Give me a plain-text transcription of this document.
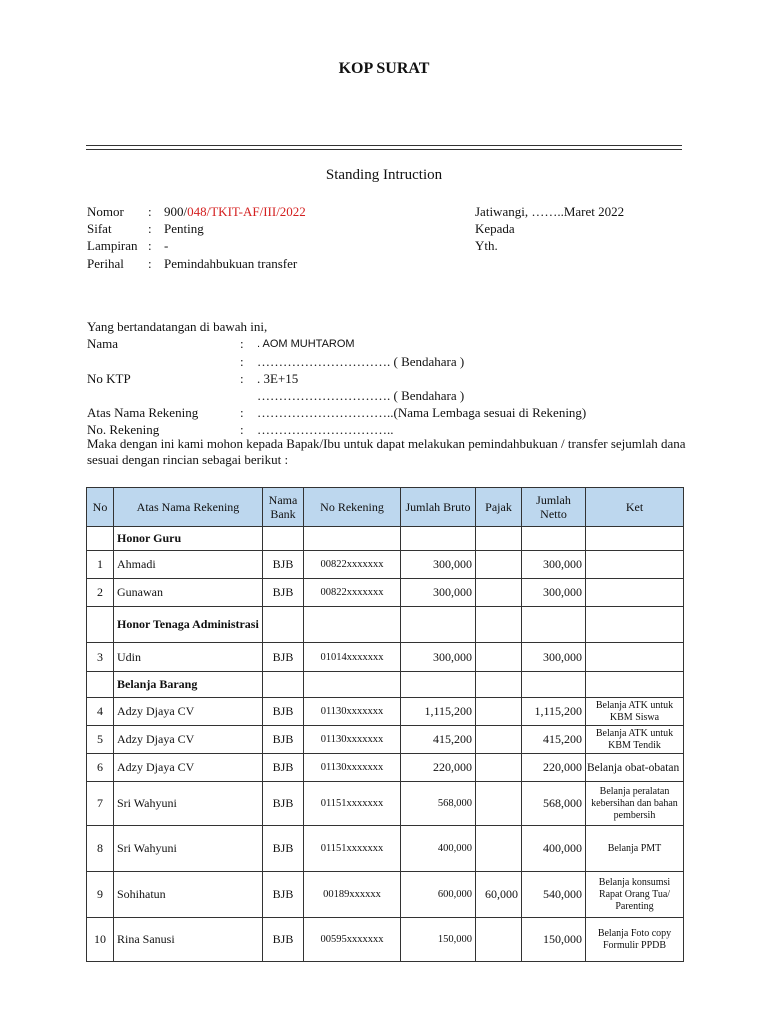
KOP SURAT
Standing Intruction
Nomor : 900/048/TKIT-AF/III/2022
Sifat	: Penting
Lampiran : -
Perihal : Pemindahbukuan transfer
Jatiwangi, ……..Maret 2022
Kepada
Yth.
Yang bertandatangan di bawah ini,
Nama	: . AOM MUHTAROM
: …………………………. ( Bendahara )
No KTP	: . 3E+15
…………………………. ( Bendahara )
Atas Nama Rekening	: …………………………..(Nama Lembaga sesuai di Rekening)
No. Rekening	: …………………………..
Maka dengan ini kami mohon kepada Bapak/Ibu untuk dapat melakukan pemindahbukuan / transfer sejumlah dana
sesuai dengan rincian sebagai berikut :
No	Atas Nama Rekening	Nama Bank	No Rekening	Jumlah Bruto	Pajak	Jumlah Netto	Ket
	Honor Guru						
1	Ahmadi	BJB	00822xxxxxxx	300,000		300,000	
2	Gunawan	BJB	00822xxxxxxx	300,000		300,000	
	Honor Tenaga Administrasi						
3	Udin	BJB	01014xxxxxxx	300,000		300,000	
	Belanja Barang						
4	Adzy Djaya CV	BJB	01130xxxxxxx	1,115,200		1,115,200	Belanja ATK untuk KBM Siswa
5	Adzy Djaya CV	BJB	01130xxxxxxx	415,200		415,200	Belanja ATK untuk KBM Tendik
6	Adzy Djaya CV	BJB	01130xxxxxxx	220,000		220,000	Belanja obat-obatan
7	Sri Wahyuni	BJB	01151xxxxxxx	568,000		568,000	Belanja peralatan kebersihan dan bahan pembersih
8	Sri Wahyuni	BJB	01151xxxxxxx	400,000		400,000	Belanja PMT
9	Sohihatun	BJB	00189xxxxxx	600,000	60,000	540,000	Belanja konsumsi Rapat Orang Tua/ Parenting
10	Rina Sanusi	BJB	00595xxxxxxx	150,000		150,000	Belanja Foto copy Formulir PPDB
